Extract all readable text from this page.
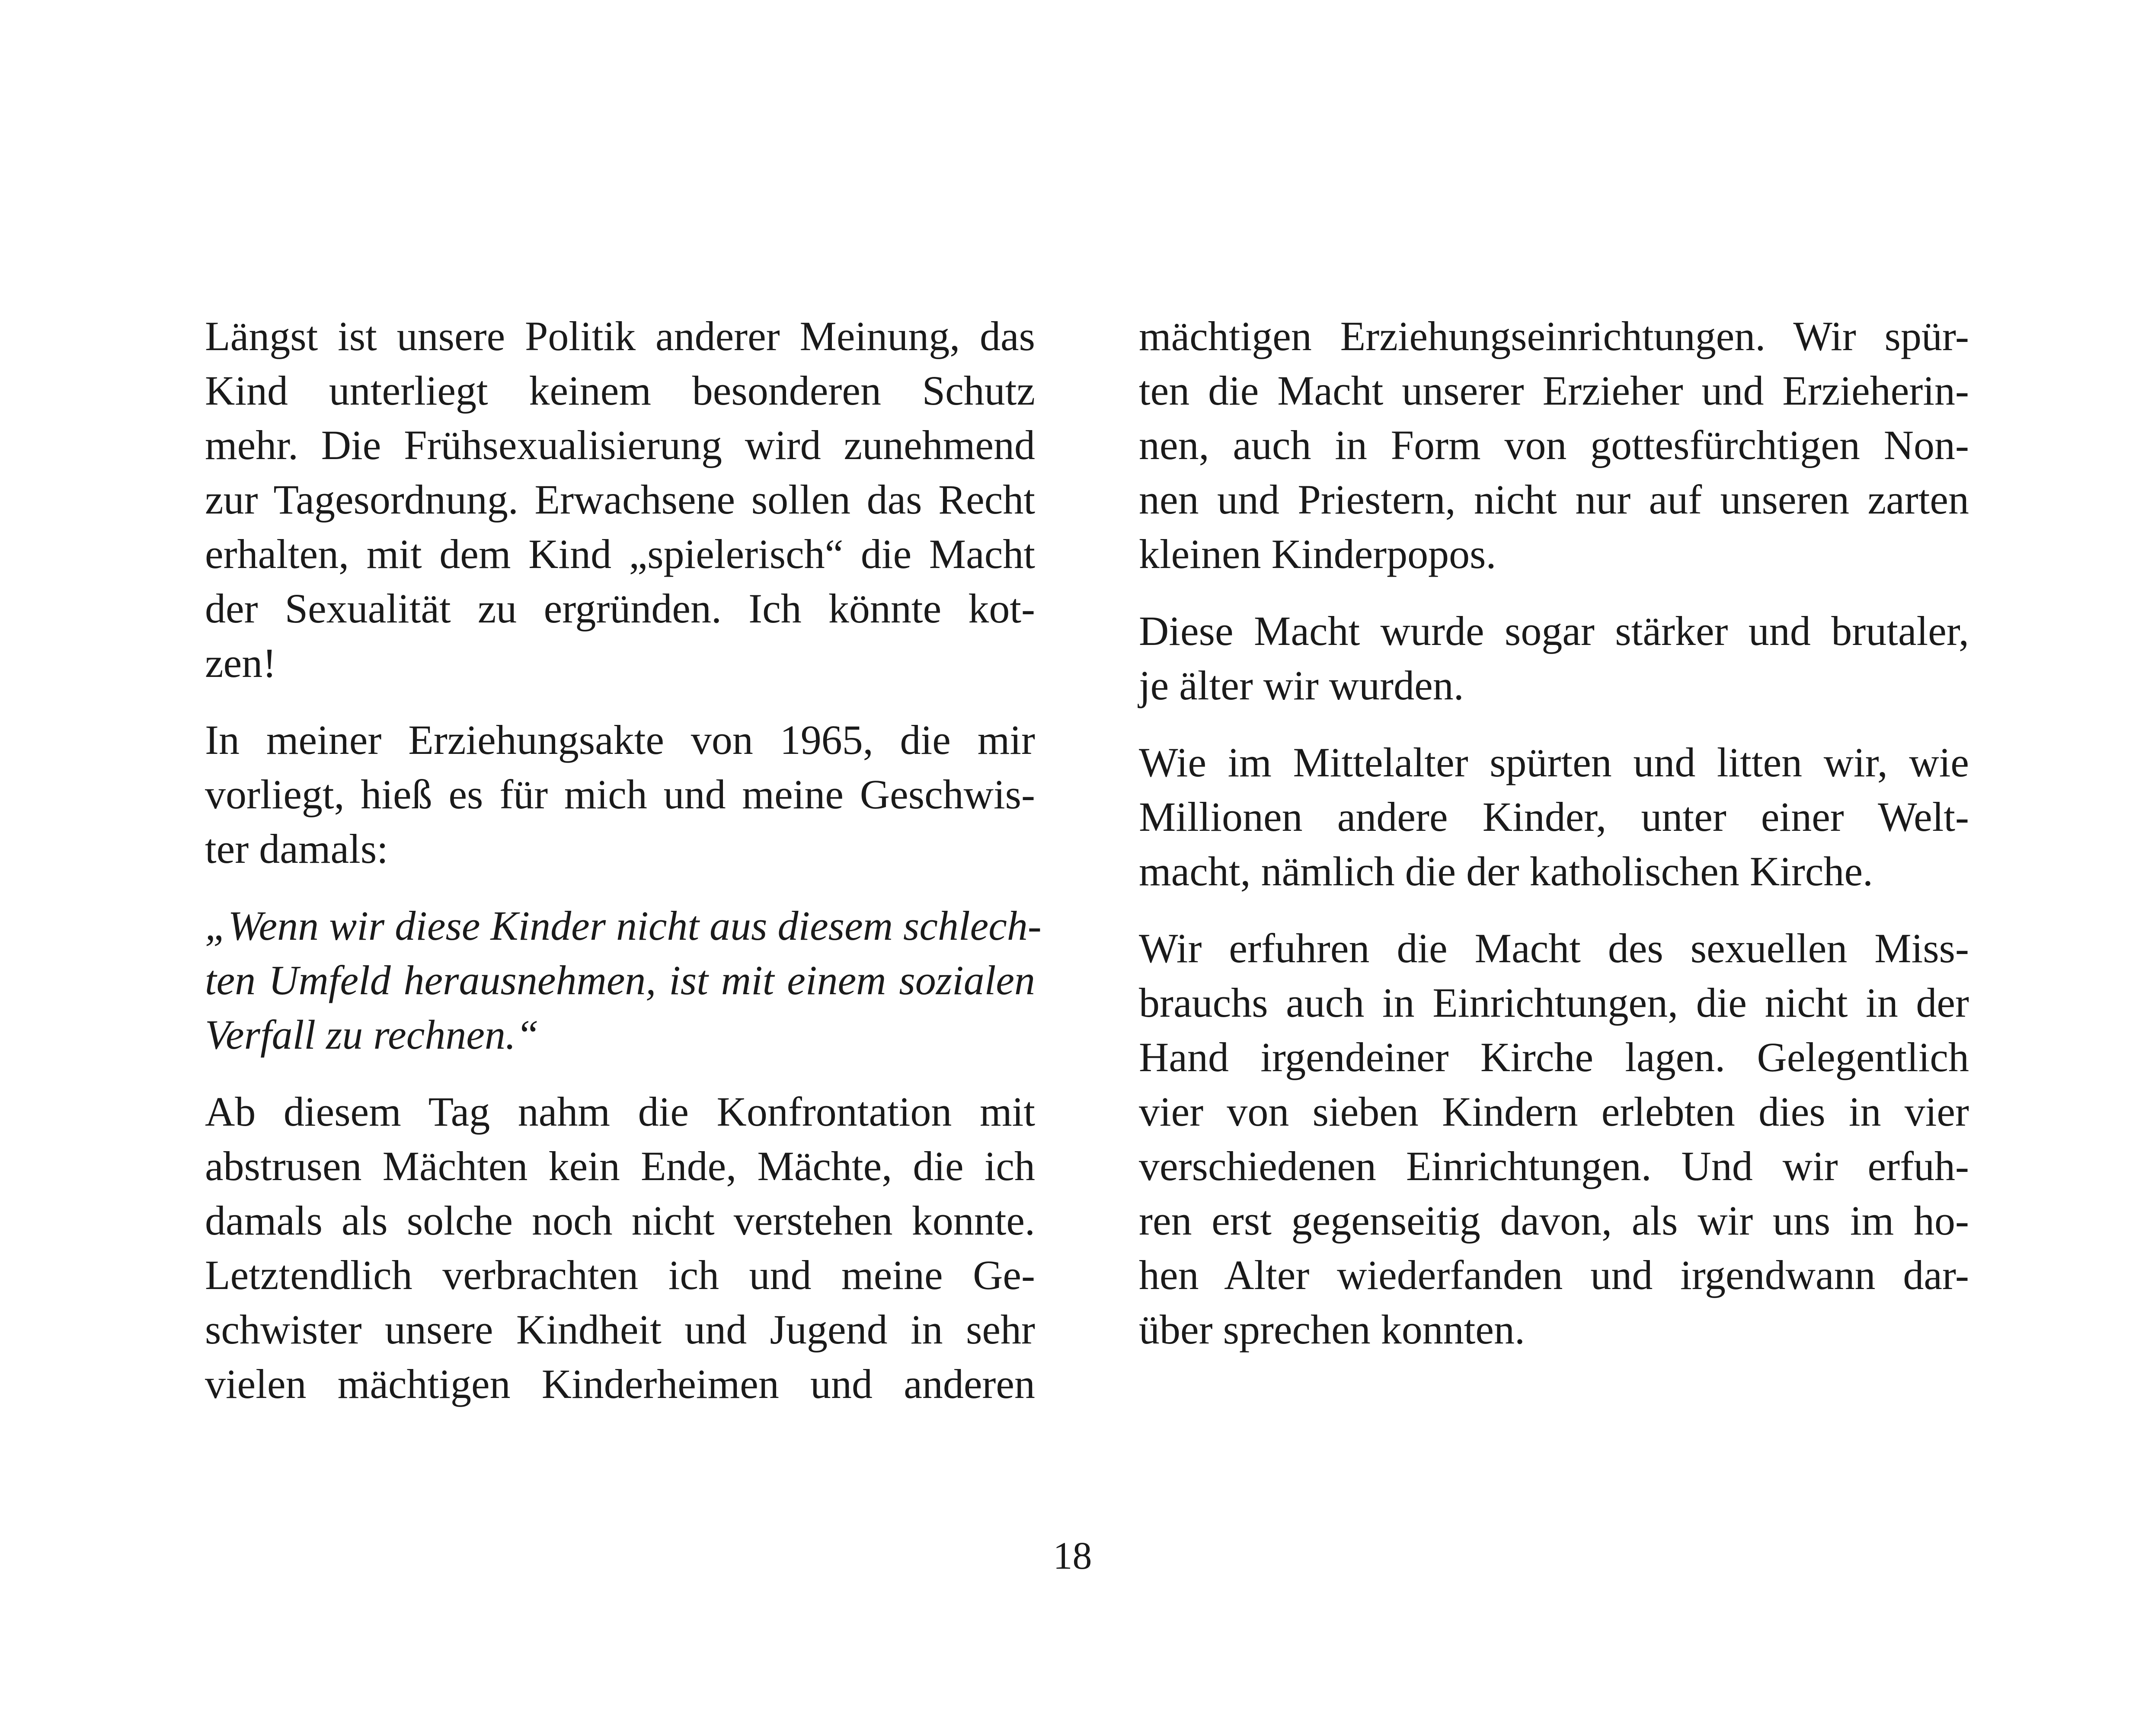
Längst ist unsere Politik anderer Meinung, das
Kind unterliegt keinem besonderen Schutz
mehr. Die Frühsexualisierung wird zunehmend
zur Tagesordnung. Erwachsene sollen das Recht
erhalten, mit dem Kind „spielerisch“ die Macht
der Sexualität zu ergründen. Ich könnte kot-
zen!
In meiner Erziehungsakte von 1965, die mir
vorliegt, hieß es für mich und meine Geschwis-
ter damals:
„Wenn wir diese Kinder nicht aus diesem schlech-
ten Umfeld herausnehmen, ist mit einem sozialen
Verfall zu rechnen.“
Ab diesem Tag nahm die Konfrontation mit
abstrusen Mächten kein Ende, Mächte, die ich
damals als solche noch nicht verstehen konnte.
Letztendlich verbrachten ich und meine Ge-
schwister unsere Kindheit und Jugend in sehr
vielen mächtigen Kinderheimen und anderen
mächtigen Erziehungseinrichtungen. Wir spür-
ten die Macht unserer Erzieher und Erzieherin-
nen, auch in Form von gottesfürchtigen Non-
nen und Priestern, nicht nur auf unseren zarten
kleinen Kinderpopos.
Diese Macht wurde sogar stärker und brutaler,
je älter wir wurden.
Wie im Mittelalter spürten und litten wir, wie
Millionen andere Kinder, unter einer Welt-
macht, nämlich die der katholischen Kirche.
Wir erfuhren die Macht des sexuellen Miss-
brauchs auch in Einrichtungen, die nicht in der
Hand irgendeiner Kirche lagen. Gelegentlich
vier von sieben Kindern erlebten dies in vier
verschiedenen Einrichtungen. Und wir erfuh-
ren erst gegenseitig davon, als wir uns im ho-
hen Alter wiederfanden und irgendwann dar-
über sprechen konnten.
18
